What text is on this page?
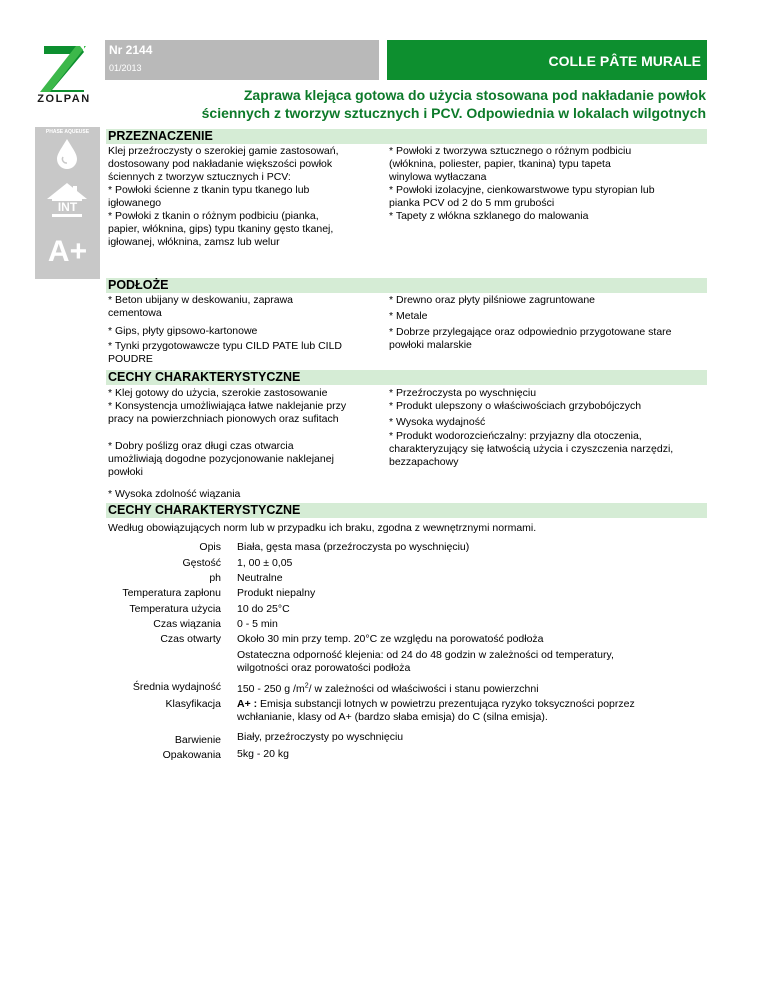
ZOLPAN
Nr 2144
01/2013	COLLE PÂTE MURALE
Zaprawa klejąca gotowa do użycia stosowana pod nakładanie powłok
ściennych z tworzyw sztucznych i PCV. Odpowiednia w lokalach wilgotnych
PHASE AQUEUSE
INT
A+
PRZEZNACZENIE
Klej przeźroczysty o szerokiej gamie zastosowań,
dostosowany pod nakładanie większości powłok
ściennych z tworzyw sztucznych i PCV:
* Powłoki ścienne z tkanin typu tkanego lub
igłowanego
* Powłoki z tkanin o różnym podbiciu (pianka,
papier, włóknina, gips) typu tkaniny gęsto tkanej,
igłowanej, włóknina, zamsz lub welur
* Powłoki z tworzywa sztucznego o różnym podbiciu
(włóknina, poliester, papier, tkanina) typu tapeta
winylowa wytłaczana
* Powłoki izolacyjne, cienkowarstwowe typu styropian lub
pianka PCV od 2 do 5 mm grubości
* Tapety z włókna szklanego do malowania
PODŁOŻE
* Beton ubijany w deskowaniu, zaprawa
cementowa
* Gips, płyty gipsowo-kartonowe
* Tynki przygotowawcze typu CILD PATE lub CILD
POUDRE
* Drewno oraz płyty pilśniowe zagruntowane
* Metale
* Dobrze przylegające oraz odpowiednio przygotowane stare
powłoki malarskie
CECHY CHARAKTERYSTYCZNE
* Klej gotowy do użycia, szerokie zastosowanie
* Konsystencja umożliwiająca łatwe naklejanie przy
pracy na powierzchniach pionowych oraz sufitach
* Dobry poślizg oraz długi czas otwarcia
umożliwiają dogodne pozycjonowanie naklejanej
powłoki
* Wysoka zdolność wiązania
* Przeźroczysta po wyschnięciu
* Produkt ulepszony o właściwościach grzybobójczych
* Wysoka wydajność
* Produkt wodorozcieńczalny: przyjazny dla otoczenia,
charakteryzujący się łatwością użycia i czyszczenia narzędzi,
bezzapachowy
CECHY CHARAKTERYSTYCZNE
Według obowiązujących norm lub w przypadku ich braku, zgodna z wewnętrznymi normami.
Opis Biała, gęsta masa (przeźroczysta po wyschnięciu)
Gęstość 1, 00 ± 0,05
ph Neutralne
Temperatura zapłonu Produkt niepalny
Temperatura użycia 10 do 25°C
Czas wiązania 0 - 5 min
Czas otwarty Około 30 min przy temp. 20°C ze względu na porowatość podłoża
Ostateczna odporność klejenia: od 24 do 48 godzin w zależności od temperatury,
wilgotności oraz porowatości podłoża
Średnia wydajność 150 - 250 g $/m^2/$ w zależności od właściwości i stanu powierzchni
Klasyfikacja A+ : Emisja substancji lotnych w powietrzu prezentująca ryzyko toksyczności poprzez
wchłanianie, klasy od A+ (bardzo słaba emisja) do C (silna emisja).
Barwienie Biały, przeźroczysty po wyschnięciu
Opakowania 5kg - 20 kg
